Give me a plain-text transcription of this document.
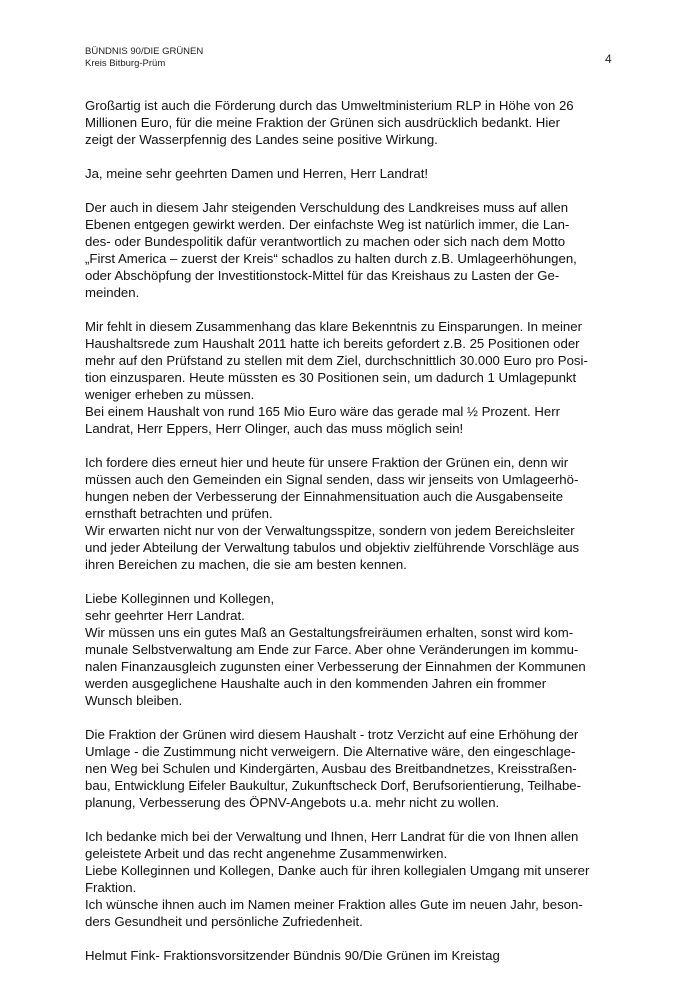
BÜNDNIS 90/DIE GRÜNEN
Kreis Bitburg-Prüm	4
Großartig ist auch die Förderung durch das Umweltministerium RLP in Höhe von 26
Millionen Euro, für die meine Fraktion der Grünen sich ausdrücklich bedankt. Hier
zeigt der Wasserpfennig des Landes seine positive Wirkung.
Ja, meine sehr geehrten Damen und Herren, Herr Landrat!
Der auch in diesem Jahr steigenden Verschuldung des Landkreises muss auf allen
Ebenen entgegen gewirkt werden. Der einfachste Weg ist natürlich immer, die Lan-
des- oder Bundespolitik dafür verantwortlich zu machen oder sich nach dem Motto
„First America – zuerst der Kreis“ schadlos zu halten durch z.B. Umlageerhöhungen,
oder Abschöpfung der Investitionstock-Mittel für das Kreishaus zu Lasten der Ge-
meinden.
Mir fehlt in diesem Zusammenhang das klare Bekenntnis zu Einsparungen. In meiner
Haushaltsrede zum Haushalt 2011 hatte ich bereits gefordert z.B. 25 Positionen oder
mehr auf den Prüfstand zu stellen mit dem Ziel, durchschnittlich 30.000 Euro pro Posi-
tion einzusparen. Heute müssten es 30 Positionen sein, um dadurch 1 Umlagepunkt
weniger erheben zu müssen.
Bei einem Haushalt von rund 165 Mio Euro wäre das gerade mal ½ Prozent. Herr
Landrat, Herr Eppers, Herr Olinger, auch das muss möglich sein!
Ich fordere dies erneut hier und heute für unsere Fraktion der Grünen ein, denn wir
müssen auch den Gemeinden ein Signal senden, dass wir jenseits von Umlageerhö-
hungen neben der Verbesserung der Einnahmensituation auch die Ausgabenseite
ernsthaft betrachten und prüfen.
Wir erwarten nicht nur von der Verwaltungsspitze, sondern von jedem Bereichsleiter
und jeder Abteilung der Verwaltung tabulos und objektiv zielführende Vorschläge aus
ihren Bereichen zu machen, die sie am besten kennen.
Liebe Kolleginnen und Kollegen,
sehr geehrter Herr Landrat.
Wir müssen uns ein gutes Maß an Gestaltungsfreiräumen erhalten, sonst wird kom-
munale Selbstverwaltung am Ende zur Farce. Aber ohne Veränderungen im kommu-
nalen Finanzausgleich zugunsten einer Verbesserung der Einnahmen der Kommunen
werden ausgeglichene Haushalte auch in den kommenden Jahren ein frommer
Wunsch bleiben.
Die Fraktion der Grünen wird diesem Haushalt - trotz Verzicht auf eine Erhöhung der
Umlage - die Zustimmung nicht verweigern. Die Alternative wäre, den eingeschlage-
nen Weg bei Schulen und Kindergärten, Ausbau des Breitbandnetzes, Kreisstraßen-
bau, Entwicklung Eifeler Baukultur, Zukunftscheck Dorf, Berufsorientierung, Teilhabe-
planung, Verbesserung des ÖPNV-Angebots u.a. mehr nicht zu wollen.
Ich bedanke mich bei der Verwaltung und Ihnen, Herr Landrat für die von Ihnen allen
geleistete Arbeit und das recht angenehme Zusammenwirken.
Liebe Kolleginnen und Kollegen, Danke auch für ihren kollegialen Umgang mit unserer
Fraktion.
Ich wünsche ihnen auch im Namen meiner Fraktion alles Gute im neuen Jahr, beson-
ders Gesundheit und persönliche Zufriedenheit.
Helmut Fink- Fraktionsvorsitzender Bündnis 90/Die Grünen im Kreistag
